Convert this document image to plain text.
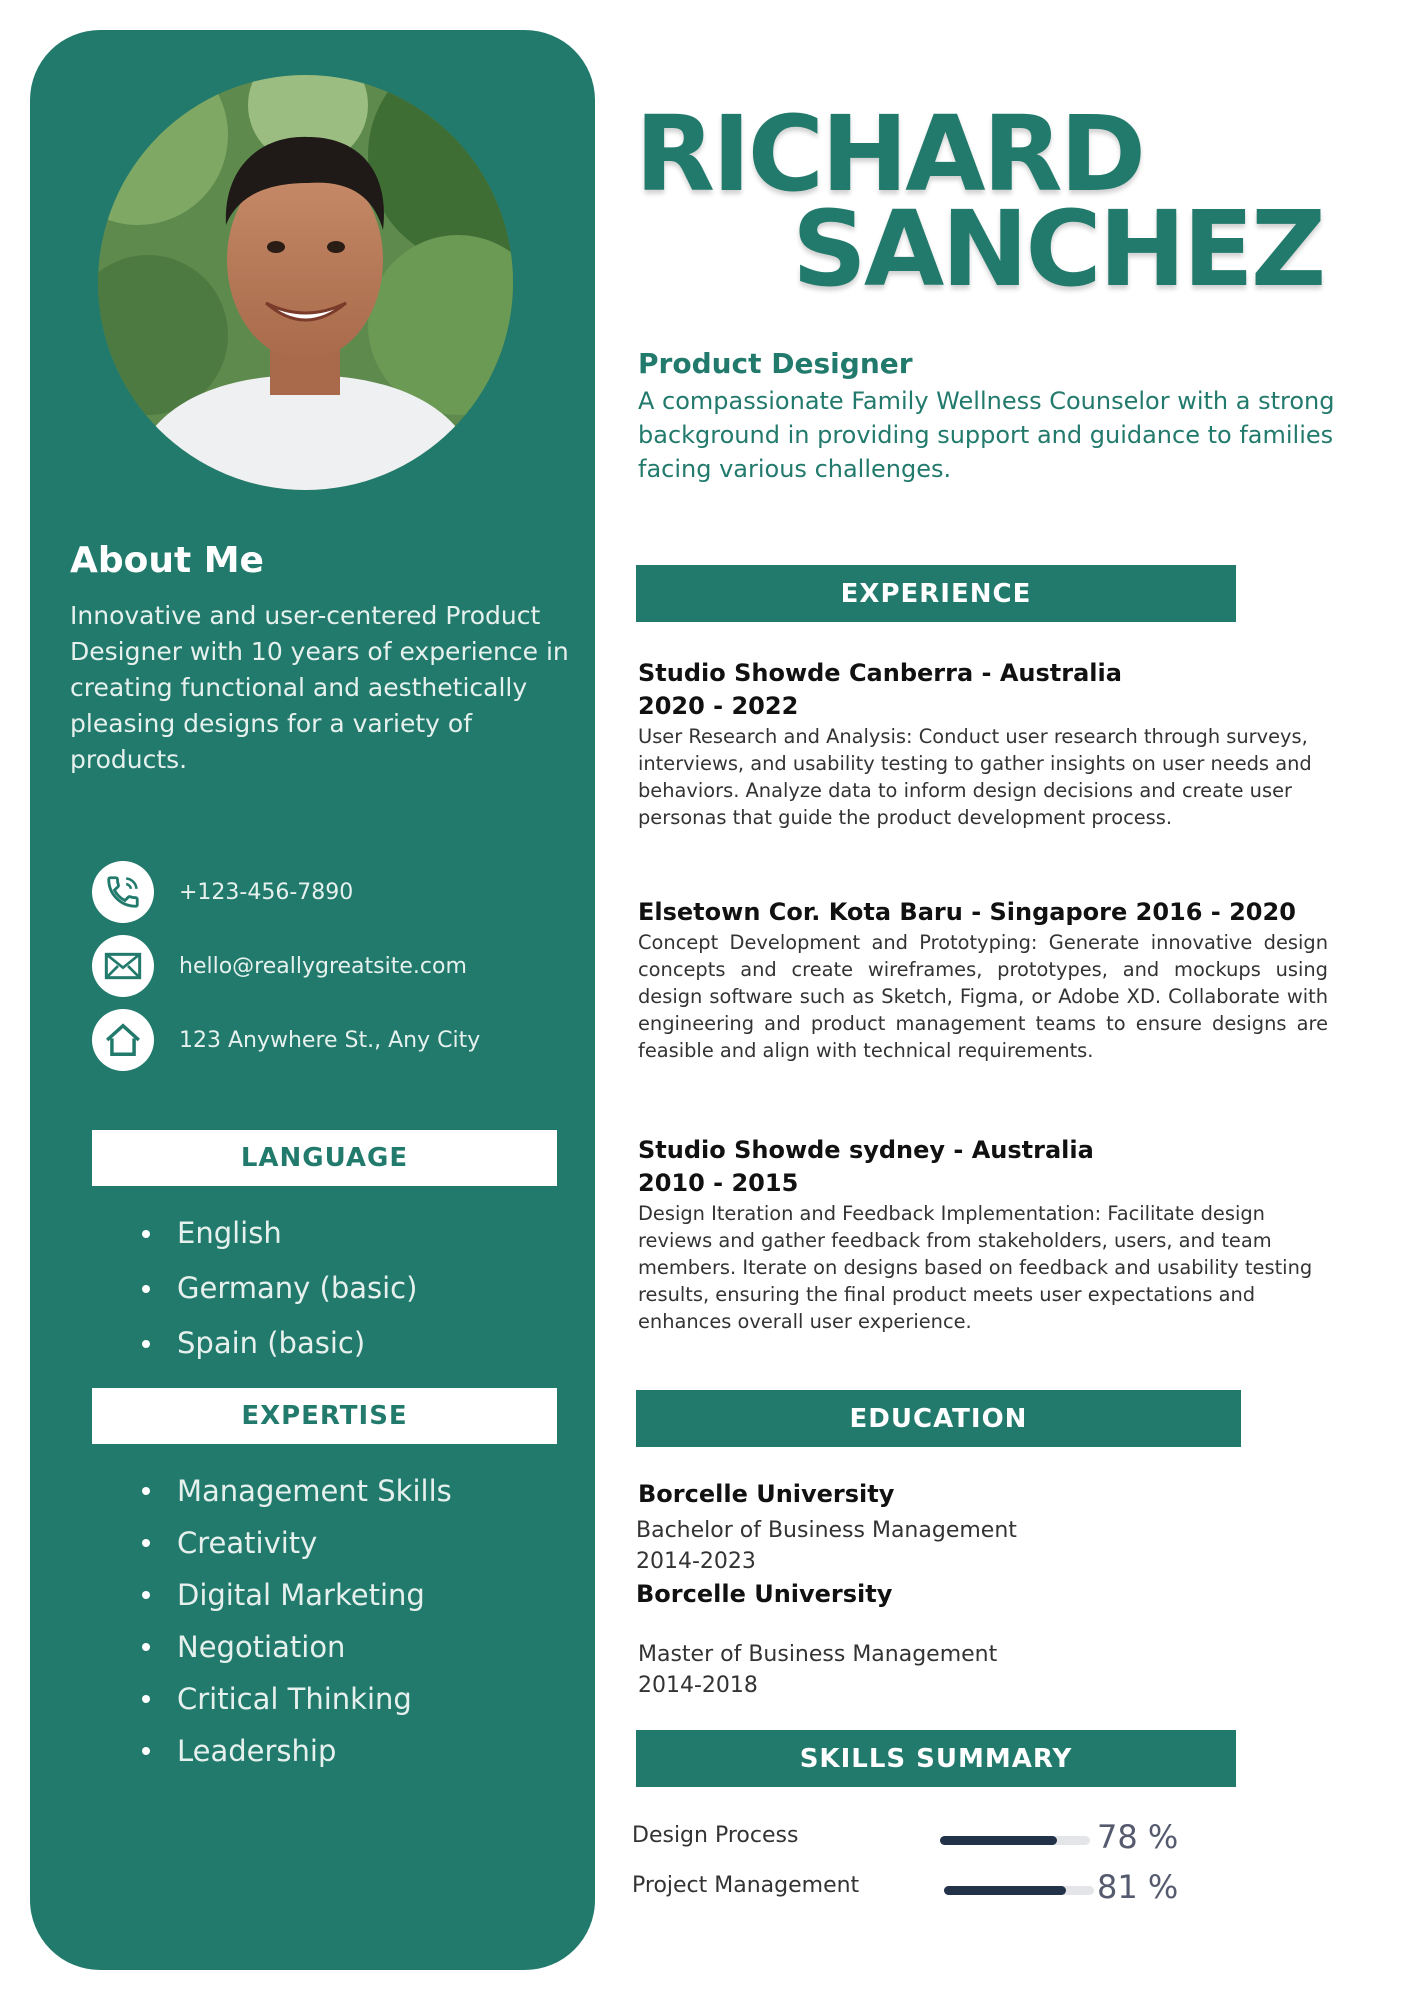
About Me

Innovative and user-centered Product Designer with 10 years of experience in creating functional and aesthetically pleasing designs for a variety of products.

+123-456-7890
hello@reallygreatsite.com
123 Anywhere St., Any City
LANGUAGE
English
Germany (basic)
Spain (basic)
EXPERTISE
Management Skills
Creativity
Digital Marketing
Negotiation
Critical Thinking
Leadership
RICHARD
SANCHEZ
Product Designer

A compassionate Family Wellness Counselor with a strong background in providing support and guidance to families facing various challenges.

EXPERIENCE

Studio Showde Canberra - Australia

2020 - 2022

User Research and Analysis: Conduct user research through surveys, interviews, and usability testing to gather insights on user needs and behaviors. Analyze data to inform design decisions and create user personas that guide the product development process.

Elsetown Cor. Kota Baru - Singapore 2016 - 2020

Concept Development and Prototyping: Generate innovative design concepts and create wireframes, prototypes, and mockups using design software such as Sketch, Figma, or Adobe XD. Collaborate with engineering and product management teams to ensure designs are feasible and align with technical requirements.

Studio Showde sydney - Australia

2010 - 2015

Design Iteration and Feedback Implementation: Facilitate design reviews and gather feedback from stakeholders, users, and team members. Iterate on designs based on feedback and usability testing results, ensuring the final product meets user expectations and enhances overall user experience.

EDUCATION

Borcelle University

Bachelor of Business Management

2014-2023

Borcelle University

Master of Business Management

2014-2018

SKILLS SUMMARY

Design Process	78 %

Project Management	81 %
